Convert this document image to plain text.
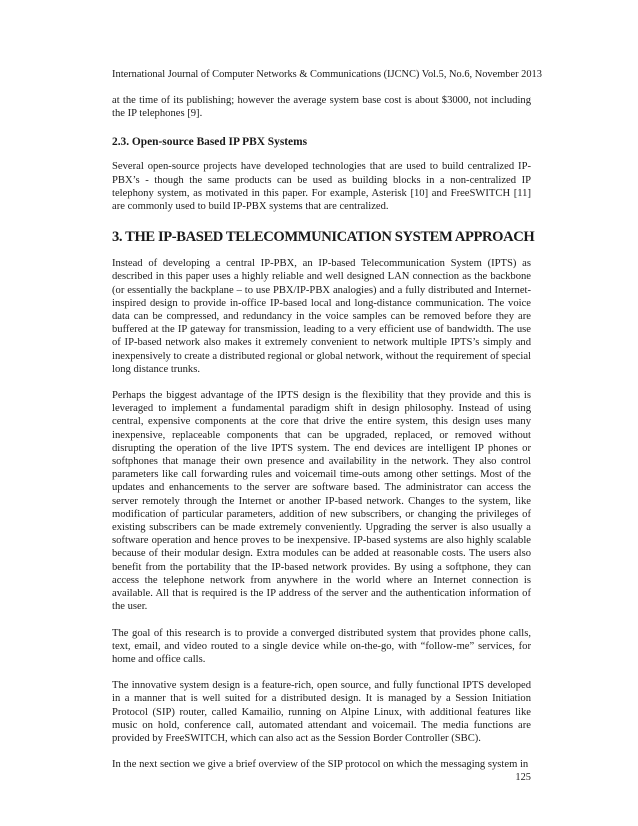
International Journal of Computer Networks & Communications (IJCNC) Vol.5, No.6, November 2013

at the time of its publishing; however the average system base cost is about $3000, not including the IP telephones [9].

2.3. Open-source Based IP PBX Systems

Several open-source projects have developed technologies that are used to build centralized IP-PBX’s - though the same products can be used as building blocks in a non-centralized IP telephony system, as motivated in this paper. For example, Asterisk [10] and FreeSWITCH [11] are commonly used to build IP-PBX systems that are centralized.

3. THE IP-BASED TELECOMMUNICATION SYSTEM APPROACH

Instead of developing a central IP-PBX, an IP-based Telecommunication System (IPTS) as described in this paper uses a highly reliable and well designed LAN connection as the backbone (or essentially the backplane – to use PBX/IP-PBX analogies) and a fully distributed and Internet-inspired design to provide in-office IP-based local and long-distance communication. The voice data can be compressed, and redundancy in the voice samples can be removed before they are buffered at the IP gateway for transmission, leading to a very efficient use of bandwidth. The use of IP-based network also makes it extremely convenient to network multiple IPTS’s simply and inexpensively to create a distributed regional or global network, without the requirement of special long distance trunks.

Perhaps the biggest advantage of the IPTS design is the flexibility that they provide and this is leveraged to implement a fundamental paradigm shift in design philosophy. Instead of using central, expensive components at the core that drive the entire system, this design uses many inexpensive, replaceable components that can be upgraded, replaced, or removed without disrupting the operation of the live IPTS system. The end devices are intelligent IP phones or softphones that manage their own presence and availability in the network. They also control parameters like call forwarding rules and voicemail time-outs among other settings. Most of the updates and enhancements to the server are software based. The administrator can access the server remotely through the Internet or another IP-based network. Changes to the system, like modification of particular parameters, addition of new subscribers, or changing the privileges of existing subscribers can be made extremely conveniently. Upgrading the server is also usually a software operation and hence proves to be inexpensive. IP-based systems are also highly scalable because of their modular design. Extra modules can be added at reasonable costs. The users also benefit from the portability that the IP-based network provides. By using a softphone, they can access the telephone network from anywhere in the world where an Internet connection is available. All that is required is the IP address of the server and the authentication information of the user.

The goal of this research is to provide a converged distributed system that provides phone calls, text, email, and video routed to a single device while on-the-go, with “follow-me” services, for home and office calls.

The innovative system design is a feature-rich, open source, and fully functional IPTS developed in a manner that is well suited for a distributed design. It is managed by a Session Initiation Protocol (SIP) router, called Kamailio, running on Alpine Linux, with additional features like music on hold, conference call, automated attendant and voicemail. The media functions are provided by FreeSWITCH, which can also act as the Session Border Controller (SBC).

In the next section we give a brief overview of the SIP protocol on which the messaging system in

125
